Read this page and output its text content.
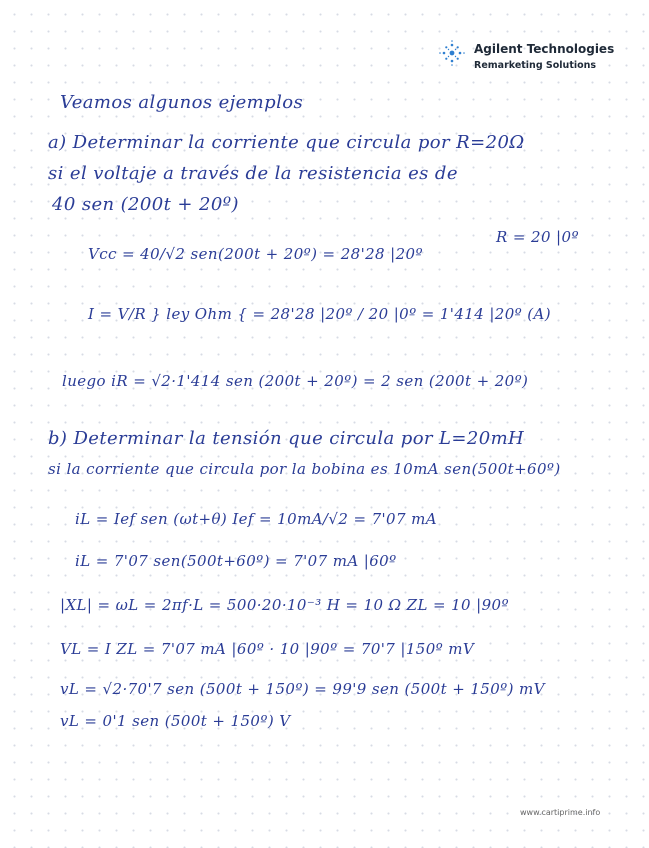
Agilent Technologies
Remarketing Solutions
Veamos algunos ejemplos
a) Determinar la corriente que circula por R=20Ω
si el voltaje a través de la resistencia es de
40 sen (200t + 20º)
R = 20 |0º
Vcc = 40/√2 sen(200t + 20º) = 28'28 |20º
I = V/R } ley Ohm { = 28'28 |20º / 20 |0º = 1'414 |20º (A)
luego iR = √2·1'414 sen (200t + 20º) = 2 sen (200t + 20º)
b) Determinar la tensión que circula por L=20mH
si la corriente que circula por la bobina es 10mA sen(500t+60º)
iL = Ief sen (ωt+θ) Ief = 10mA/√2 = 7'07 mA
iL = 7'07 sen(500t+60º) = 7'07 mA |60º
|XL| = ωL = 2πf·L = 500·20·10⁻³ H = 10 Ω ZL = 10 |90º
VL = I ZL = 7'07 mA |60º · 10 |90º = 70'7 |150º mV
vL = √2·70'7 sen (500t + 150º) = 99'9 sen (500t + 150º) mV
vL = 0'1 sen (500t + 150º) V
www.cartiprime.info
